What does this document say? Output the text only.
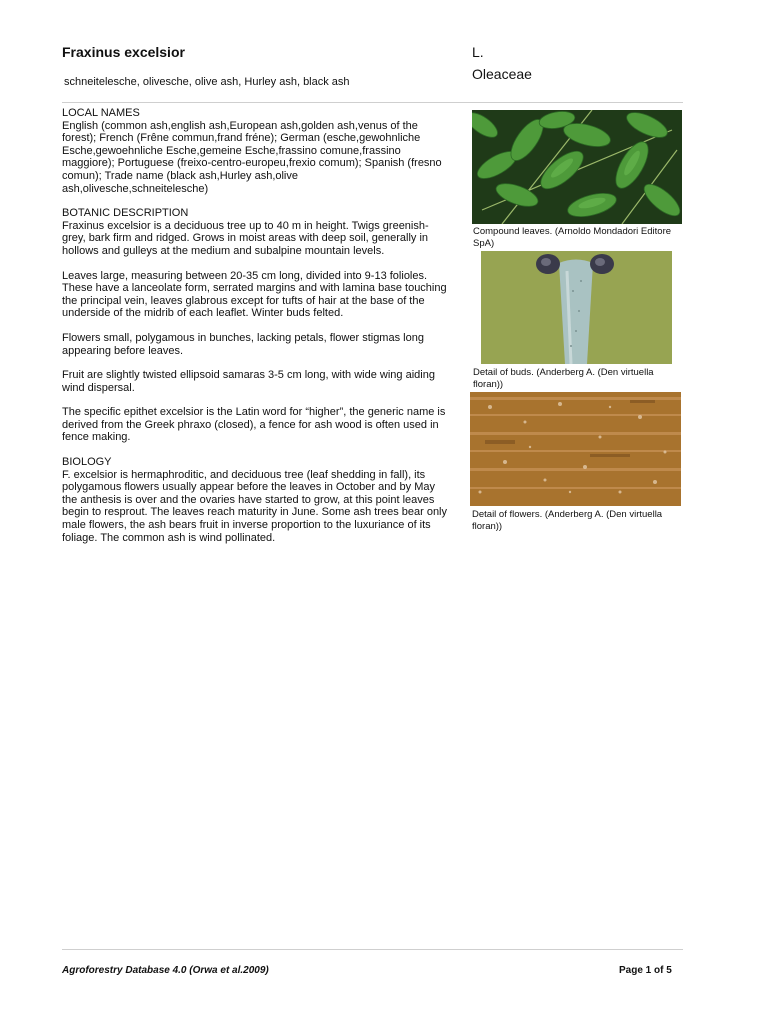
Fraxinus excelsior	L.
Oleaceae
schneitelesche, olivesche, olive ash, Hurley ash, black ash
LOCAL NAMES
English (common ash,english ash,European ash,golden ash,venus of the forest); French (Frêne commun,frand fréne); German (esche,gewohnliche Esche,gewoehnliche Esche,gemeine Esche,frassino comune,frassino maggiore); Portuguese (freixo-centro-europeu,frexio comum); Spanish (fresno comun); Trade name (black ash,Hurley ash,olive ash,olivesche,schneitelesche)
BOTANIC DESCRIPTION
Fraxinus excelsior is a deciduous tree up to 40 m in height. Twigs greenish-grey, bark firm and ridged. Grows in moist areas with deep soil, generally in hollows and gulleys at the medium and subalpine mountain levels.

Leaves large, measuring between 20-35 cm long, divided into 9-13 folioles. These have a lanceolate form, serrated margins and with lamina base touching the principal vein, leaves glabrous except for tufts of hair at the base of the underside of the midrib of each leaflet. Winter buds felted.

Flowers small, polygamous in bunches, lacking petals, flower stigmas long appearing before leaves.

Fruit are slightly twisted ellipsoid samaras 3-5 cm long, with wide wing aiding wind dispersal.

The specific epithet excelsior is the Latin word for “higher”, the generic name is derived from the Greek phraxo (closed), a fence for ash wood is often used in fence making.

BIOLOGY
F. excelsior is hermaphroditic, and deciduous tree (leaf shedding in fall), its polygamous flowers usually appear before the leaves in October and by May the anthesis is over and the ovaries have started to grow, at this point leaves begin to resprout. The leaves reach maturity in June. Some ash trees bear only male flowers, the ash bears fruit in inverse proportion to the luxuriance of its foliage. The common ash is wind pollinated.
Compound leaves. (Arnoldo Mondadori Editore SpA)
Detail of buds. (Anderberg A. (Den virtuella floran))
Detail of flowers. (Anderberg A. (Den virtuella floran))
Agroforestry Database 4.0 (Orwa et al.2009)	Page 1 of 5
